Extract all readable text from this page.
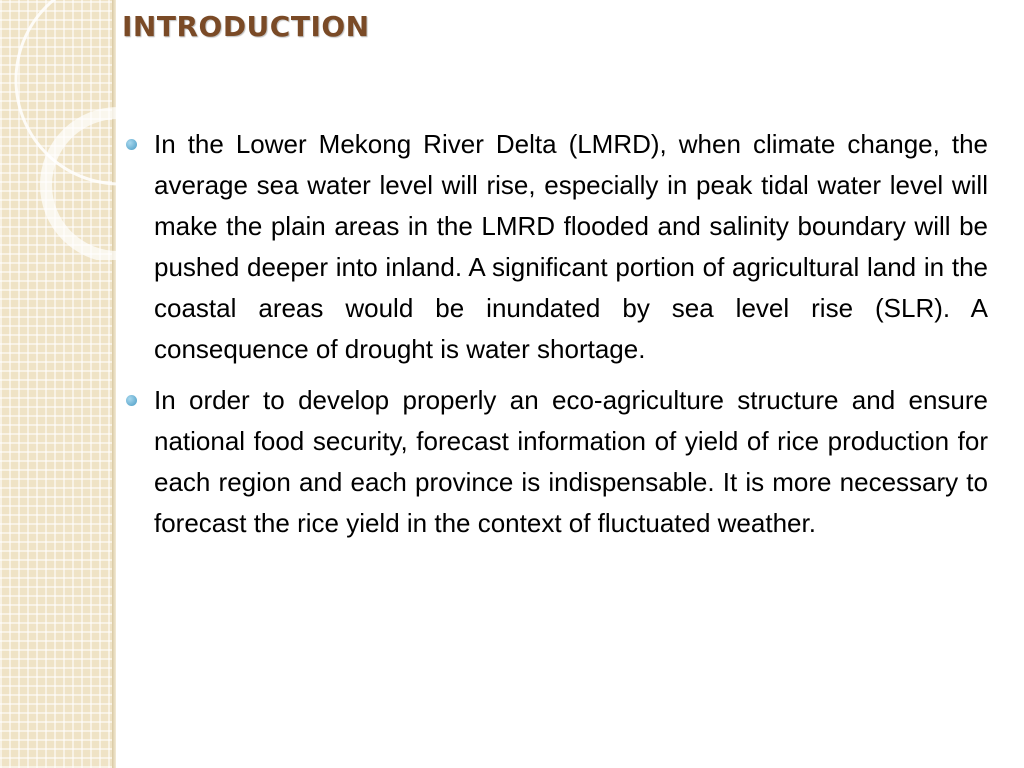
INTRODUCTION
In the Lower Mekong River Delta (LMRD), when climate change, the average sea water level will rise, especially in peak tidal water level will make the plain areas in the LMRD flooded and salinity boundary will be pushed deeper into inland. A significant portion of agricultural land in the coastal areas would be inundated by sea level rise (SLR). A consequence of drought is water shortage.
In order to develop properly an eco-agriculture structure and ensure national food security, forecast information of yield of rice production for each region and each province is indispensable. It is more necessary to forecast the rice yield in the context of fluctuated weather.
